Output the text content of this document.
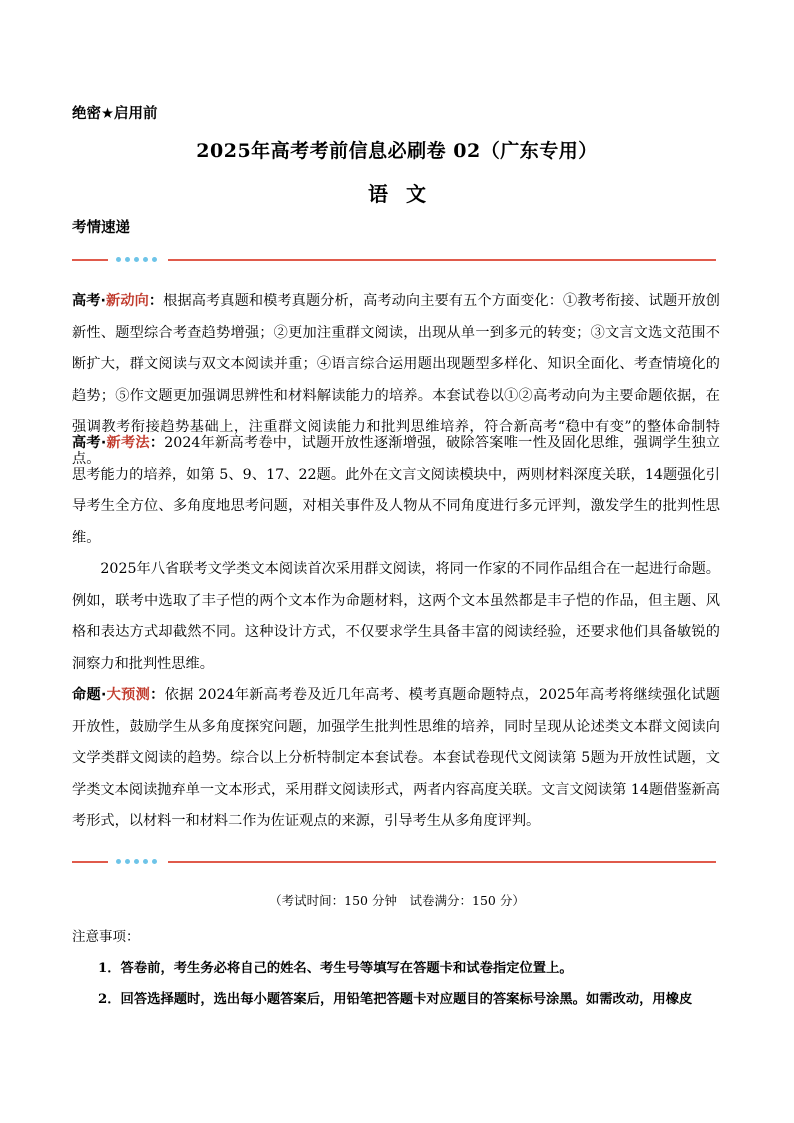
绝密★启用前
2025年高考考前信息必刷卷 02（广东专用）
语文
考情速递
高考·新动向：根据高考真题和模考真题分析，高考动向主要有五个方面变化：①教考衔接、试题开放创新性、题型综合考查趋势增强；②更加注重群文阅读，出现从单一到多元的转变；③文言文选文范围不断扩大，群文阅读与双文本阅读并重；④语言综合运用题出现题型多样化、知识全面化、考查情境化的趋势；⑤作文题更加强调思辨性和材料解读能力的培养。本套试卷以①②高考动向为主要命题依据，在强调教考衔接趋势基础上，注重群文阅读能力和批判思维培养，符合新高考“稳中有变”的整体命制特点。
高考·新考法：2024年新高考卷中，试题开放性逐渐增强，破除答案唯一性及固化思维，强调学生独立思考能力的培养，如第 5、9、17、22题。此外在文言文阅读模块中，两则材料深度关联，14题强化引导考生全方位、多角度地思考问题，对相关事件及人物从不同角度进行多元评判，激发学生的批判性思维。
2025年八省联考文学类文本阅读首次采用群文阅读，将同一作家的不同作品组合在一起进行命题。例如，联考中选取了丰子恺的两个文本作为命题材料，这两个文本虽然都是丰子恺的作品，但主题、风格和表达方式却截然不同。这种设计方式，不仅要求学生具备丰富的阅读经验，还要求他们具备敏锐的洞察力和批判性思维。
命题·大预测：依据 2024年新高考卷及近几年高考、模考真题命题特点，2025年高考将继续强化试题开放性，鼓励学生从多角度探究问题，加强学生批判性思维的培养，同时呈现从论述类文本群文阅读向文学类群文阅读的趋势。综合以上分析特制定本套试卷。本套试卷现代文阅读第 5题为开放性试题，文学类文本阅读抛弃单一文本形式，采用群文阅读形式，两者内容高度关联。文言文阅读第 14题借鉴新高考形式，以材料一和材料二作为佐证观点的来源，引导考生从多角度评判。
（考试时间：150 分钟　试卷满分：150 分）
注意事项：
1．答卷前，考生务必将自己的姓名、考生号等填写在答题卡和试卷指定位置上。
2．回答选择题时，选出每小题答案后，用铅笔把答题卡对应题目的答案标号涂黑。如需改动，用橡皮
